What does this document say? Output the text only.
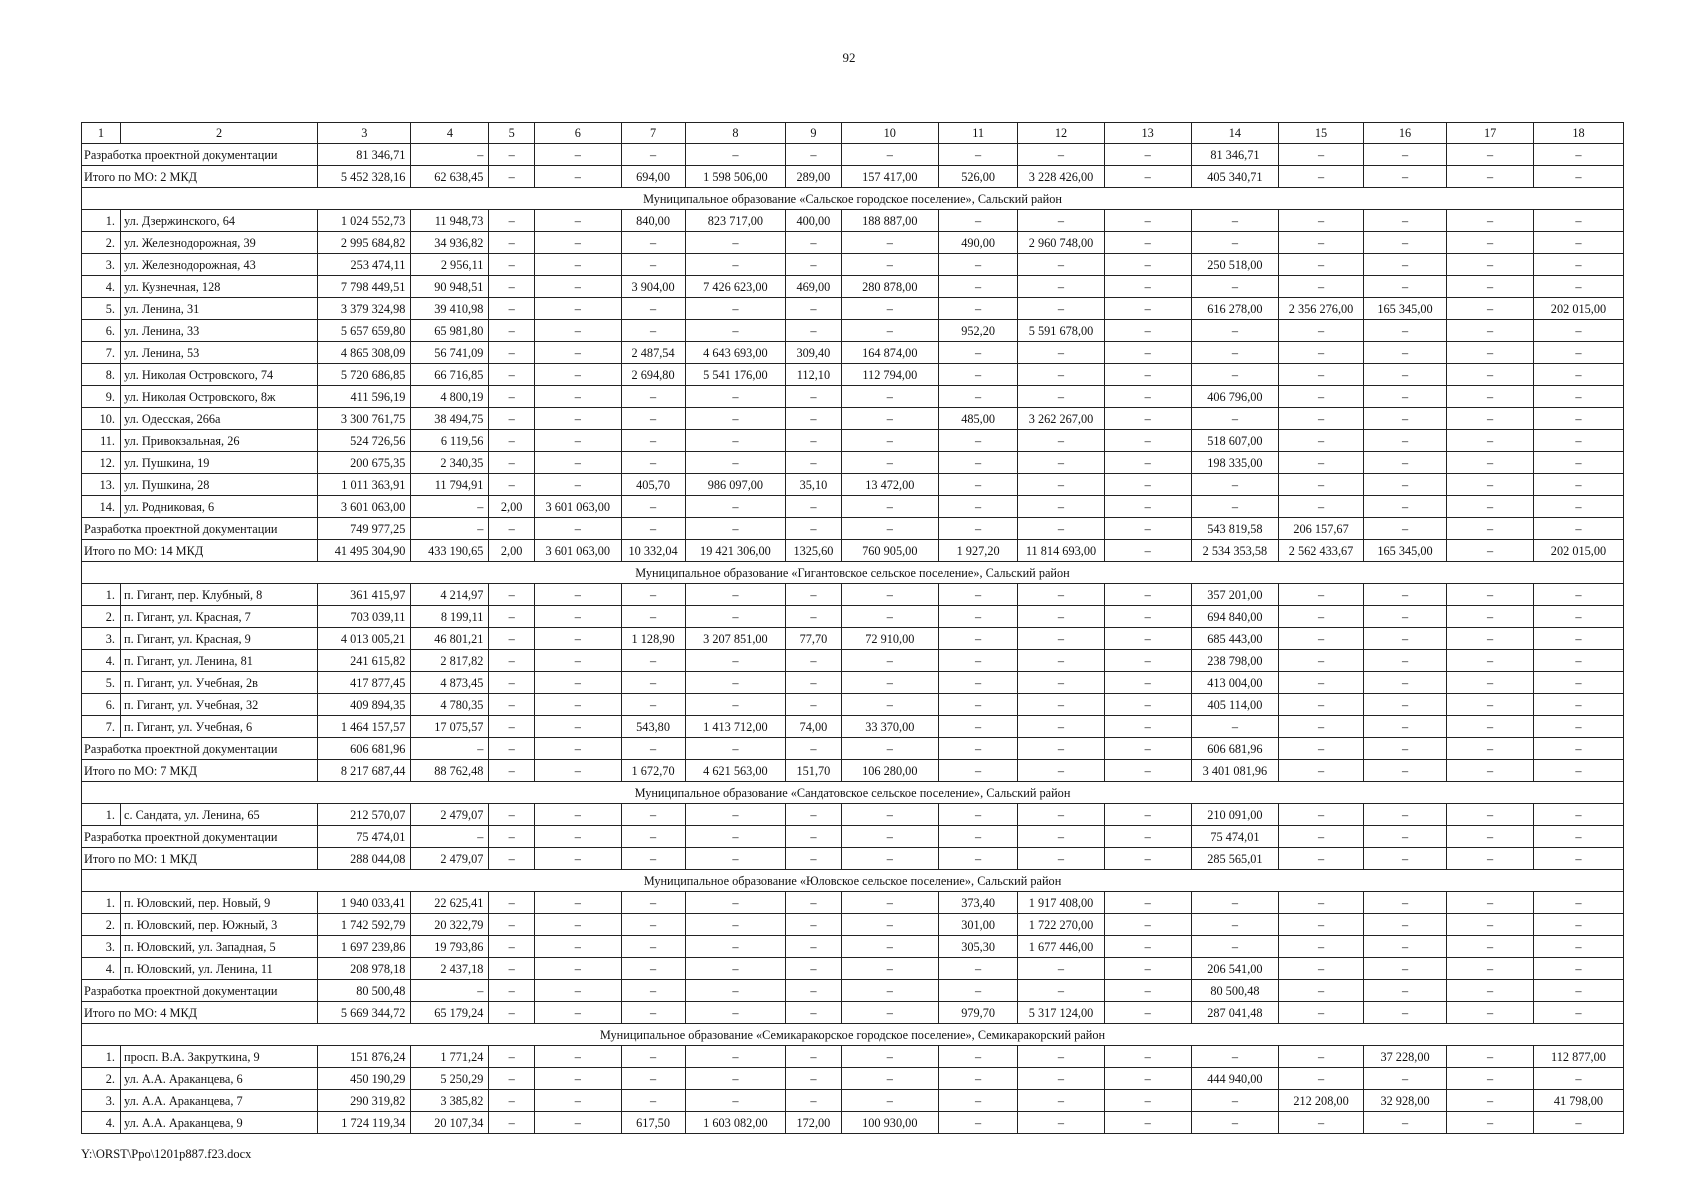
92
1	2	3	4	5	6	7	8	9	10	11	12	13	14	15	16	17	18
Разработка проектной документации		81 346,71	–	–	–	–	–	–	–	–	–	–	81 346,71	–	–	–	–
Итого по МО: 2 МКД		5 452 328,16	62 638,45	–	–	694,00	1 598 506,00	289,00	157 417,00	526,00	3 228 426,00	–	405 340,71	–	–	–	–
Муниципальное образование «Сальское городское поселение», Сальский район																	
1.	ул. Дзержинского, 64	1 024 552,73	11 948,73	–	–	840,00	823 717,00	400,00	188 887,00	–	–	–	–	–	–	–	–
2.	ул. Железнодорожная, 39	2 995 684,82	34 936,82	–	–	–	–	–	–	490,00	2 960 748,00	–	–	–	–	–	–
3.	ул. Железнодорожная, 43	253 474,11	2 956,11	–	–	–	–	–	–	–	–	–	250 518,00	–	–	–	–
4.	ул. Кузнечная, 128	7 798 449,51	90 948,51	–	–	3 904,00	7 426 623,00	469,00	280 878,00	–	–	–	–	–	–	–	–
5.	ул. Ленина, 31	3 379 324,98	39 410,98	–	–	–	–	–	–	–	–	–	616 278,00	2 356 276,00	165 345,00	–	202 015,00
6.	ул. Ленина, 33	5 657 659,80	65 981,80	–	–	–	–	–	–	952,20	5 591 678,00	–	–	–	–	–	–
7.	ул. Ленина, 53	4 865 308,09	56 741,09	–	–	2 487,54	4 643 693,00	309,40	164 874,00	–	–	–	–	–	–	–	–
8.	ул. Николая Островского, 74	5 720 686,85	66 716,85	–	–	2 694,80	5 541 176,00	112,10	112 794,00	–	–	–	–	–	–	–	–
9.	ул. Николая Островского, 8ж	411 596,19	4 800,19	–	–	–	–	–	–	–	–	–	406 796,00	–	–	–	–
10.	ул. Одесская, 266а	3 300 761,75	38 494,75	–	–	–	–	–	–	485,00	3 262 267,00	–	–	–	–	–	–
11.	ул. Привокзальная, 26	524 726,56	6 119,56	–	–	–	–	–	–	–	–	–	518 607,00	–	–	–	–
12.	ул. Пушкина, 19	200 675,35	2 340,35	–	–	–	–	–	–	–	–	–	198 335,00	–	–	–	–
13.	ул. Пушкина, 28	1 011 363,91	11 794,91	–	–	405,70	986 097,00	35,10	13 472,00	–	–	–	–	–	–	–	–
14.	ул. Родниковая, 6	3 601 063,00	–	2,00	3 601 063,00	–	–	–	–	–	–	–	–	–	–	–	–
Разработка проектной документации		749 977,25	–	–	–	–	–	–	–	–	–	–	543 819,58	206 157,67	–	–	–
Итого по МО: 14 МКД		41 495 304,90	433 190,65	2,00	3 601 063,00	10 332,04	19 421 306,00	1325,60	760 905,00	1 927,20	11 814 693,00	–	2 534 353,58	2 562 433,67	165 345,00	–	202 015,00
Муниципальное образование «Гигантовское сельское поселение», Сальский район																	
1.	п. Гигант, пер. Клубный, 8	361 415,97	4 214,97	–	–	–	–	–	–	–	–	–	357 201,00	–	–	–	–
2.	п. Гигант, ул. Красная, 7	703 039,11	8 199,11	–	–	–	–	–	–	–	–	–	694 840,00	–	–	–	–
3.	п. Гигант, ул. Красная, 9	4 013 005,21	46 801,21	–	–	1 128,90	3 207 851,00	77,70	72 910,00	–	–	–	685 443,00	–	–	–	–
4.	п. Гигант, ул. Ленина, 81	241 615,82	2 817,82	–	–	–	–	–	–	–	–	–	238 798,00	–	–	–	–
5.	п. Гигант, ул. Учебная, 2в	417 877,45	4 873,45	–	–	–	–	–	–	–	–	–	413 004,00	–	–	–	–
6.	п. Гигант, ул. Учебная, 32	409 894,35	4 780,35	–	–	–	–	–	–	–	–	–	405 114,00	–	–	–	–
7.	п. Гигант, ул. Учебная, 6	1 464 157,57	17 075,57	–	–	543,80	1 413 712,00	74,00	33 370,00	–	–	–	–	–	–	–	–
Разработка проектной документации		606 681,96	–	–	–	–	–	–	–	–	–	–	606 681,96	–	–	–	–
Итого по МО: 7 МКД		8 217 687,44	88 762,48	–	–	1 672,70	4 621 563,00	151,70	106 280,00	–	–	–	3 401 081,96	–	–	–	–
Муниципальное образование «Сандатовское сельское поселение», Сальский район																	
1.	с. Сандата, ул. Ленина, 65	212 570,07	2 479,07	–	–	–	–	–	–	–	–	–	210 091,00	–	–	–	–
Разработка проектной документации		75 474,01	–	–	–	–	–	–	–	–	–	–	75 474,01	–	–	–	–
Итого по МО: 1 МКД		288 044,08	2 479,07	–	–	–	–	–	–	–	–	–	285 565,01	–	–	–	–
Муниципальное образование «Юловское сельское поселение», Сальский район																	
1.	п. Юловский, пер. Новый, 9	1 940 033,41	22 625,41	–	–	–	–	–	–	373,40	1 917 408,00	–	–	–	–	–	–
2.	п. Юловский, пер. Южный, 3	1 742 592,79	20 322,79	–	–	–	–	–	–	301,00	1 722 270,00	–	–	–	–	–	–
3.	п. Юловский, ул. Западная, 5	1 697 239,86	19 793,86	–	–	–	–	–	–	305,30	1 677 446,00	–	–	–	–	–	–
4.	п. Юловский, ул. Ленина, 11	208 978,18	2 437,18	–	–	–	–	–	–	–	–	–	206 541,00	–	–	–	–
Разработка проектной документации		80 500,48	–	–	–	–	–	–	–	–	–	–	80 500,48	–	–	–	–
Итого по МО: 4 МКД		5 669 344,72	65 179,24	–	–	–	–	–	–	979,70	5 317 124,00	–	287 041,48	–	–	–	–
Муниципальное образование «Семикаракорское городское поселение», Семикаракорский район																	
1.	просп. В.А. Закруткина, 9	151 876,24	1 771,24	–	–	–	–	–	–	–	–	–	–	–	37 228,00	–	112 877,00
2.	ул. А.А. Араканцева, 6	450 190,29	5 250,29	–	–	–	–	–	–	–	–	–	444 940,00	–	–	–	–
3.	ул. А.А. Араканцева, 7	290 319,82	3 385,82	–	–	–	–	–	–	–	–	–	–	212 208,00	32 928,00	–	41 798,00
4.	ул. А.А. Араканцева, 9	1 724 119,34	20 107,34	–	–	617,50	1 603 082,00	172,00	100 930,00	–	–	–	–	–	–	–	–
Y:\ORST\Ppo\1201p887.f23.docx
